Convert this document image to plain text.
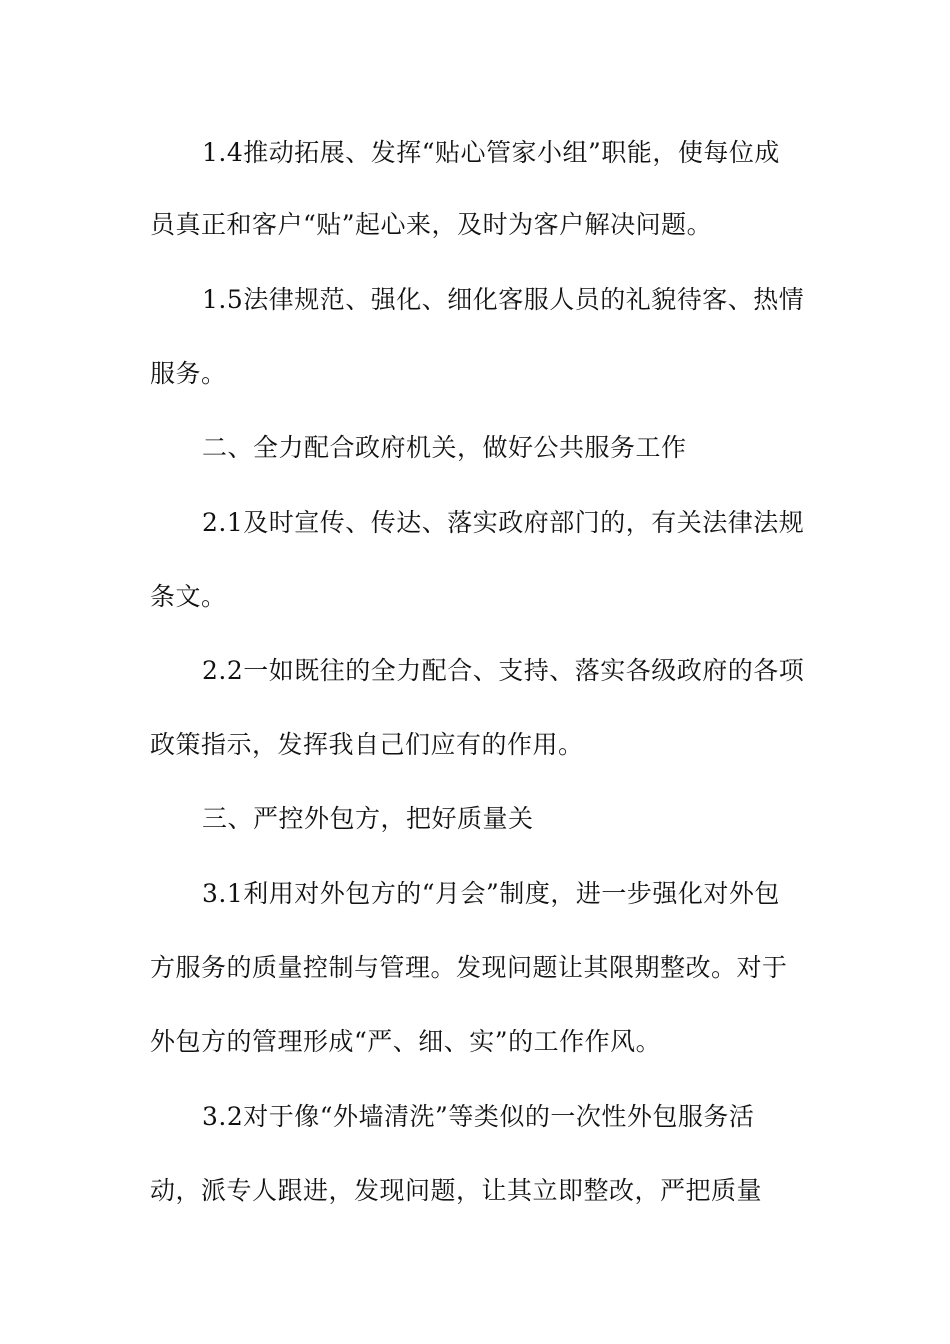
1.4推动拓展、发挥“贴心管家小组”职能，使每位成
员真正和客户“贴”起心来，及时为客户解决问题。
1.5法律规范、强化、细化客服人员的礼貌待客、热情
服务。
二、全力配合政府机关，做好公共服务工作
2.1及时宣传、传达、落实政府部门的，有关法律法规
条文。
2.2一如既往的全力配合、支持、落实各级政府的各项
政策指示，发挥我自己们应有的作用。
三、严控外包方，把好质量关
3.1利用对外包方的“月会”制度，进一步强化对外包
方服务的质量控制与管理。发现问题让其限期整改。对于
外包方的管理形成“严、细、实”的工作作风。
3.2对于像“外墙清洗”等类似的一次性外包服务活
动，派专人跟进，发现问题，让其立即整改，严把质量
